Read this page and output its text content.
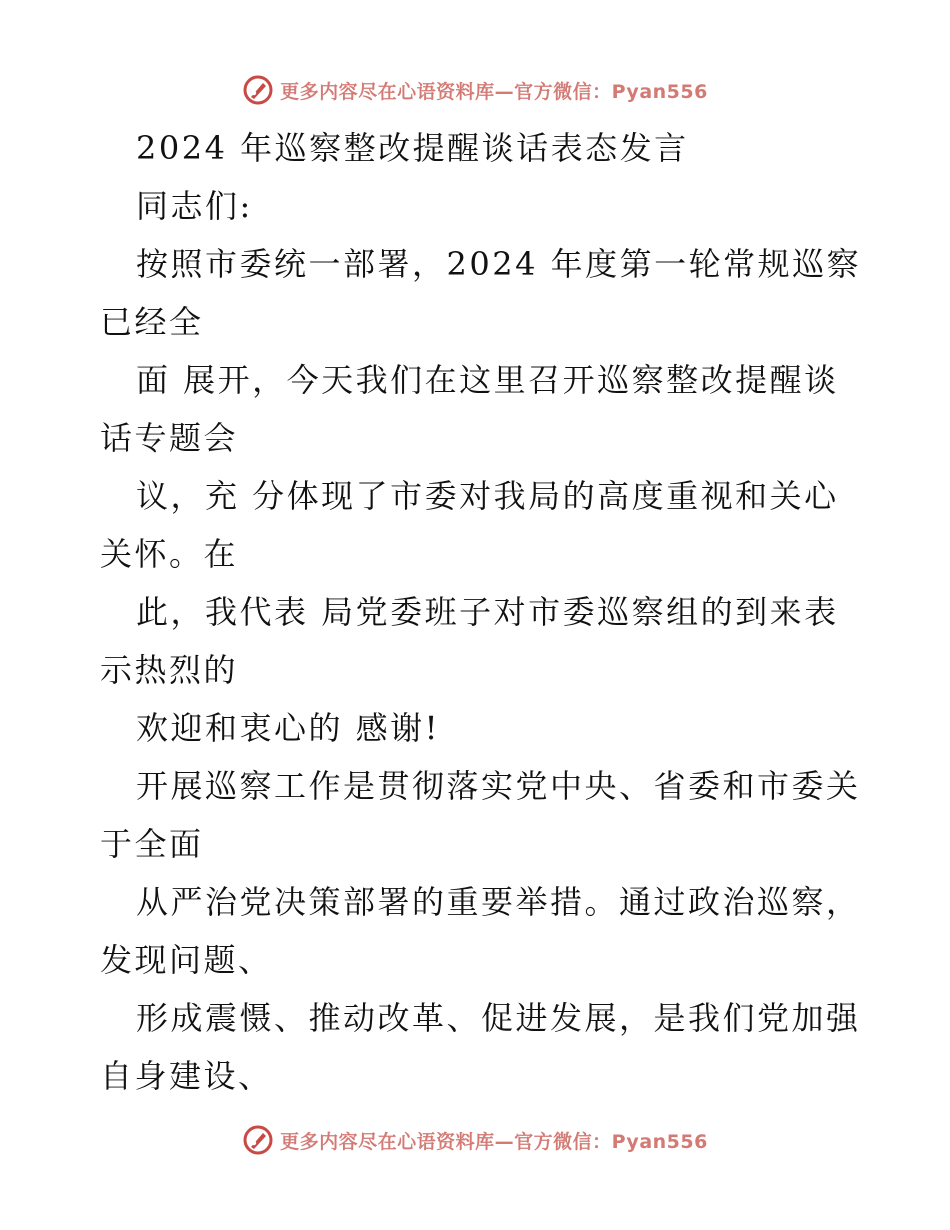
更多内容尽在心语资料库—官方微信：Pyan556
2024 年巡察整改提醒谈话表态发言
同志们:
按照市委统一部署，2024 年度第一轮常规巡察
已经全
面 展开，今天我们在这里召开巡察整改提醒谈
话专题会
议，充 分体现了市委对我局的高度重视和关心
关怀。在
此，我代表 局党委班子对市委巡察组的到来表
示热烈的
欢迎和衷心的 感谢!
开展巡察工作是贯彻落实党中央、省委和市委关
于全面
从严治党决策部署的重要举措。通过政治巡察，
发现问题、
形成震慑、推动改革、促进发展，是我们党加强
自身建设、
更多内容尽在心语资料库—官方微信：Pyan556
